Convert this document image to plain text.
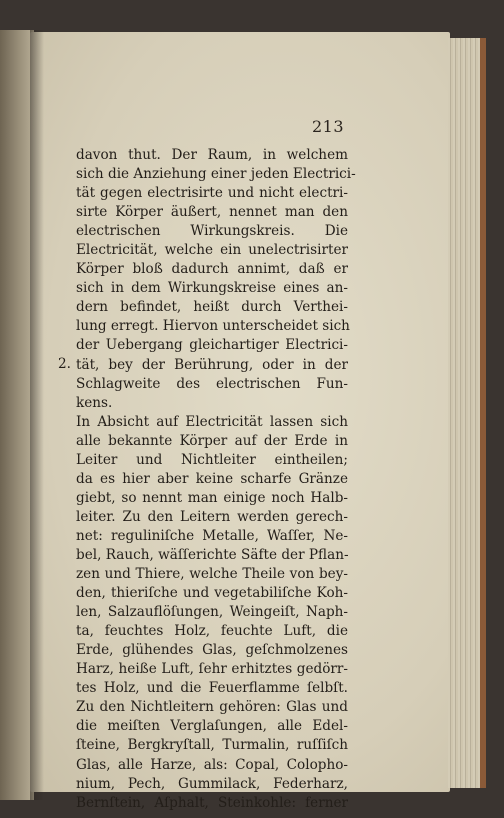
213
2.
davon thut. Der Raum, in welchem
sich die Anziehung einer jeden Electrici-
tät gegen electrisirte und nicht electri-
sirte Körper äußert, nennet man den
electrischen Wirkungskreis. Die
Electricität, welche ein unelectrisirter
Körper bloß dadurch annimt, daß er
sich in dem Wirkungskreise eines an-
dern befindet, heißt durch Verthei-
lung erregt. Hiervon unterscheidet sich
der Uebergang gleichartiger Electrici-
tät, bey der Berührung, oder in der
Schlagweite des electrischen Fun-
kens.
In Absicht auf Electricität lassen sich
alle bekannte Körper auf der Erde in
Leiter und Nichtleiter eintheilen;
da es hier aber keine scharfe Gränze
giebt, so nennt man einige noch Halb-
leiter. Zu den Leitern werden gerech-
net: reguliniſche Metalle, Waſſer, Ne-
bel, Rauch, wäſſerichte Säfte der Pflan-
zen und Thiere, welche Theile von bey-
den, thieriſche und vegetabiliſche Koh-
len, Salzauflöſungen, Weingeiſt, Naph-
ta, feuchtes Holz, feuchte Luft, die
Erde, glühendes Glas, geſchmolzenes
Harz, heiße Luft, ſehr erhitztes gedörr-
tes Holz, und die Feuerflamme ſelbſt.
Zu den Nichtleitern gehören: Glas und
die meiſten Verglaſungen, alle Edel-
ſteine, Bergkryſtall, Turmalin, ruſſiſch
Glas, alle Harze, als: Copal, Colopho-
nium, Pech, Gummilack, Federharz,
Bernſtein, Aſphalt, Steinkohle: ferner
